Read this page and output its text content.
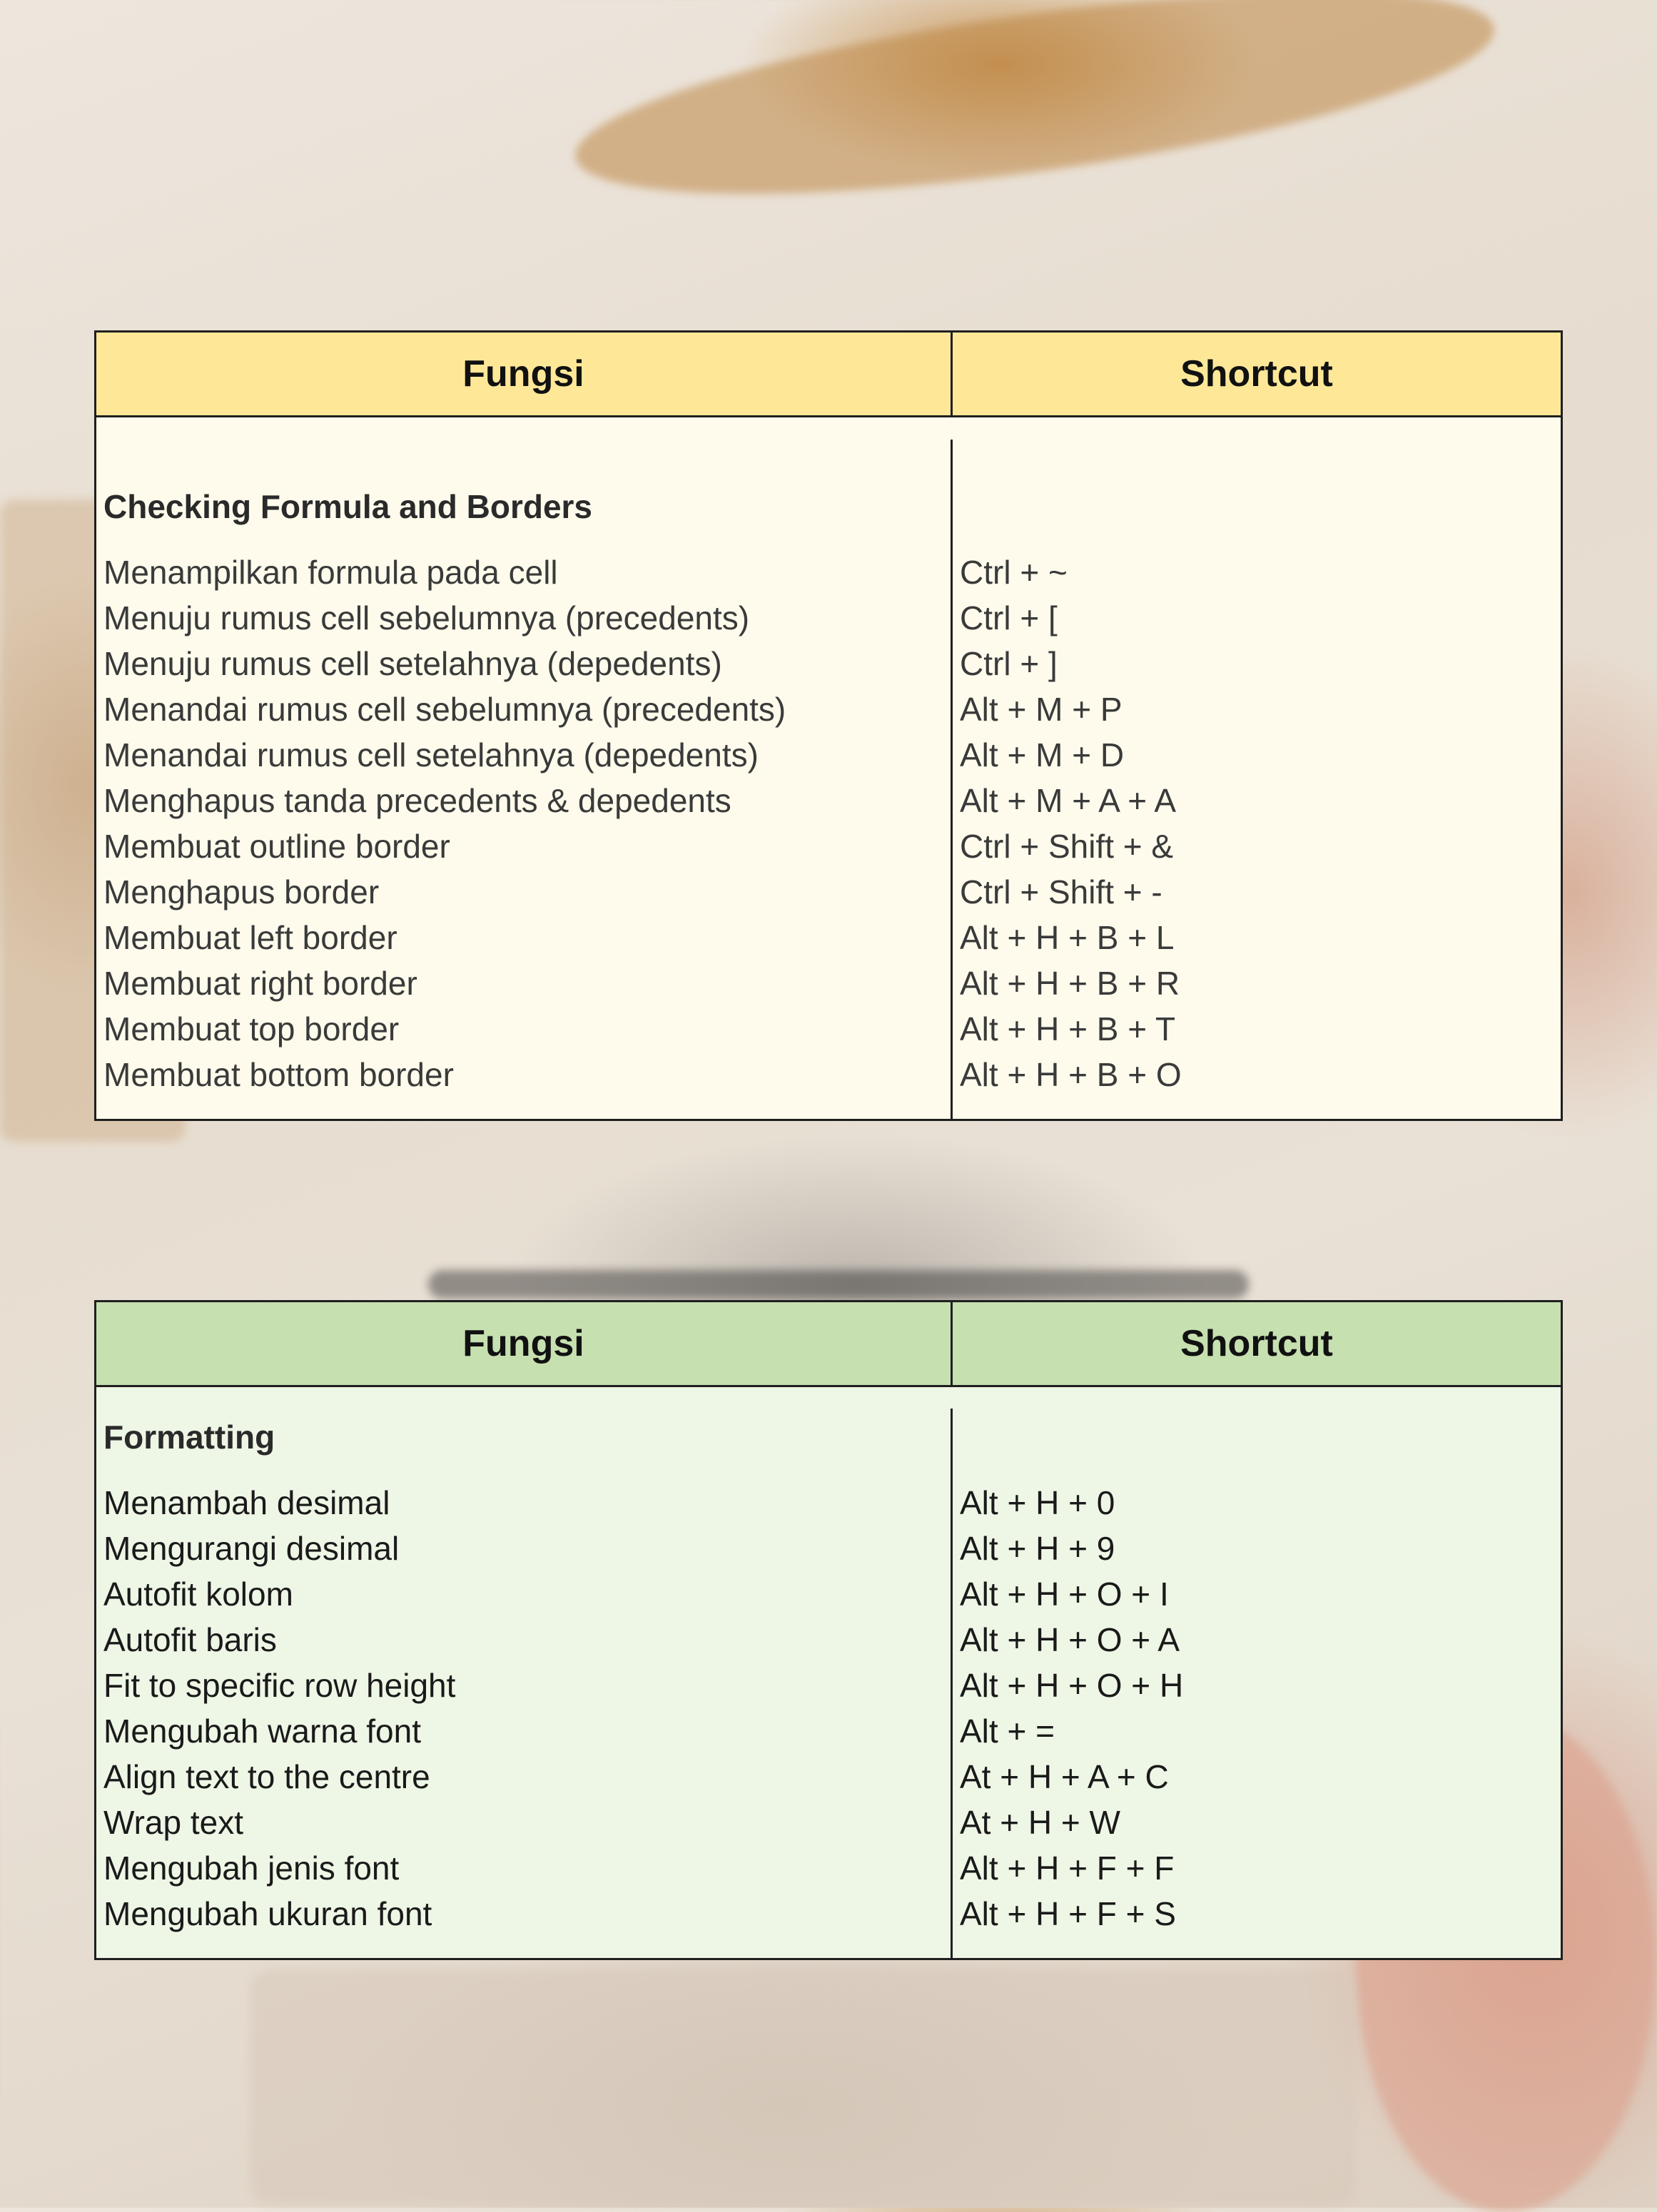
Fungsi	Shortcut
Checking Formula and Borders
Menampilkan formula pada cell
Menuju rumus cell sebelumnya (precedents)
Menuju rumus cell setelahnya (depedents)
Menandai rumus cell sebelumnya (precedents)
Menandai rumus cell setelahnya (depedents)
Menghapus tanda precedents & depedents
Membuat outline border
Menghapus border
Membuat left border
Membuat right border
Membuat top border
Membuat bottom border
Ctrl + ~
Ctrl + [
Ctrl + ]
Alt + M + P
Alt + M + D
Alt + M + A + A
Ctrl + Shift + &
Ctrl + Shift + -
Alt + H + B + L
Alt + H + B + R
Alt + H + B + T
Alt + H + B + O
Fungsi	Shortcut
Formatting
Menambah desimal
Mengurangi desimal
Autofit kolom
Autofit baris
Fit to specific row height
Mengubah warna font
Align text to the centre
Wrap text
Mengubah jenis font
Mengubah ukuran font
Alt + H + 0
Alt + H + 9
Alt + H + O + I
Alt + H + O + A
Alt + H + O + H
Alt + =
At + H + A + C
At + H + W
Alt + H + F + F
Alt + H + F + S
